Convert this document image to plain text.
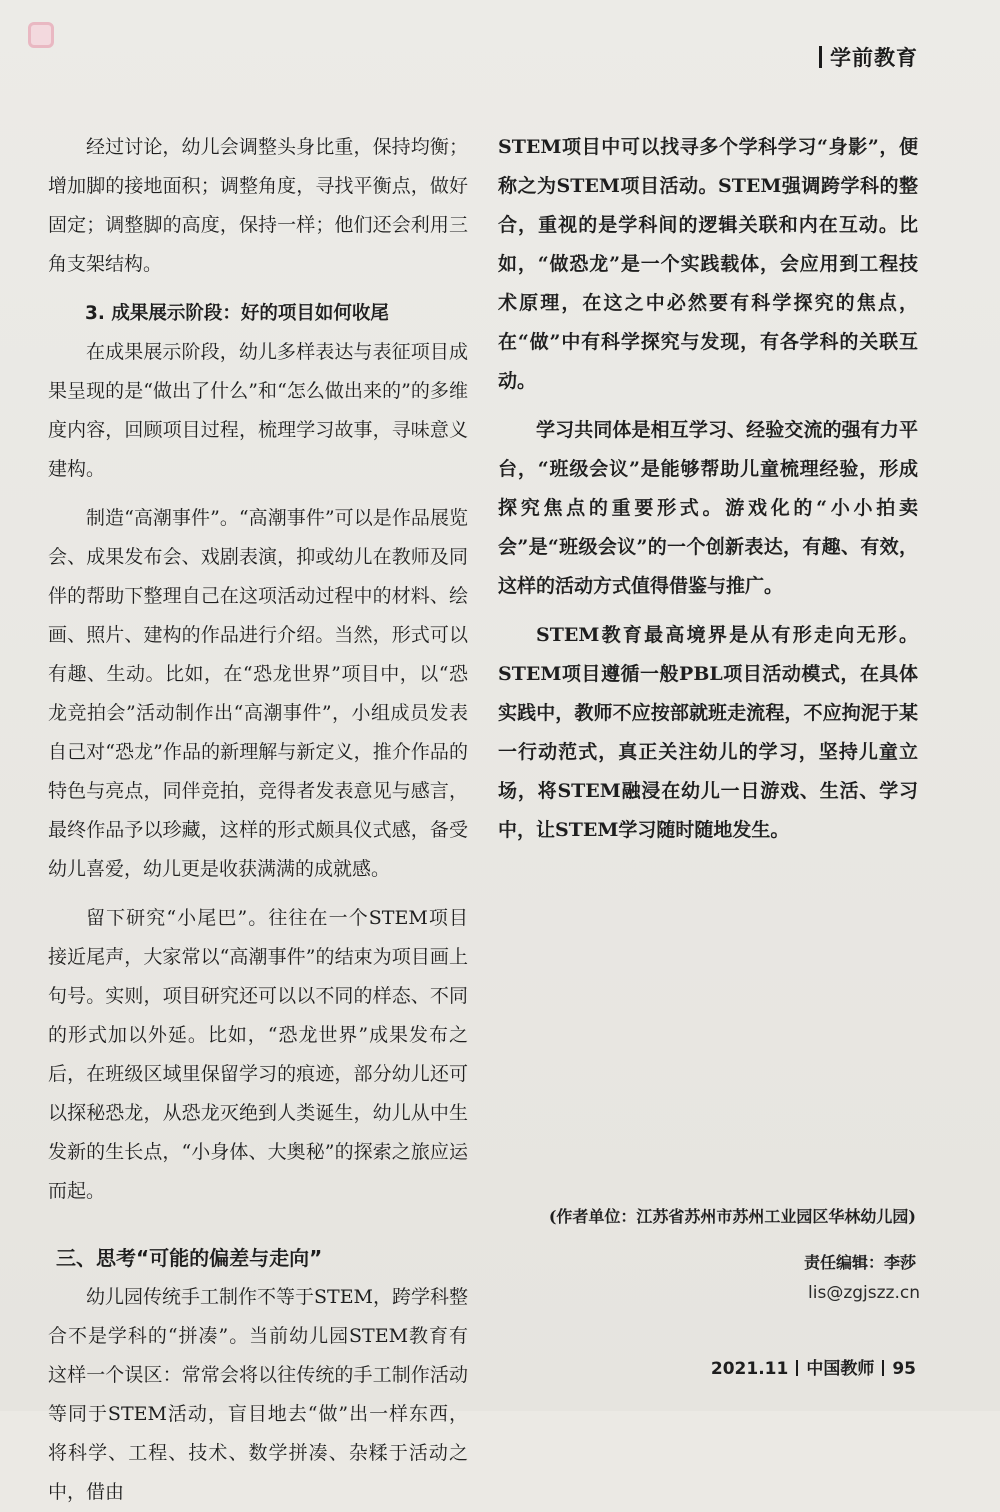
学前教育

经过讨论，幼儿会调整头身比重，保持均衡；增加脚的接地面积；调整角度，寻找平衡点，做好固定；调整脚的高度，保持一样；他们还会利用三角支架结构。

3. 成果展示阶段：好的项目如何收尾

在成果展示阶段，幼儿多样表达与表征项目成果呈现的是“做出了什么”和“怎么做出来的”的多维度内容，回顾项目过程，梳理学习故事，寻味意义建构。

制造“高潮事件”。“高潮事件”可以是作品展览会、成果发布会、戏剧表演，抑或幼儿在教师及同伴的帮助下整理自己在这项活动过程中的材料、绘画、照片、建构的作品进行介绍。当然，形式可以有趣、生动。比如，在“恐龙世界”项目中，以“恐龙竞拍会”活动制作出“高潮事件”，小组成员发表自己对“恐龙”作品的新理解与新定义，推介作品的特色与亮点，同伴竞拍，竞得者发表意见与感言，最终作品予以珍藏，这样的形式颇具仪式感，备受幼儿喜爱，幼儿更是收获满满的成就感。

留下研究“小尾巴”。往往在一个STEM项目接近尾声，大家常以“高潮事件”的结束为项目画上句号。实则，项目研究还可以以不同的样态、不同的形式加以外延。比如，“恐龙世界”成果发布之后，在班级区域里保留学习的痕迹，部分幼儿还可以探秘恐龙，从恐龙灭绝到人类诞生，幼儿从中生发新的生长点，“小身体、大奥秘”的探索之旅应运而起。

三、思考“可能的偏差与走向”

幼儿园传统手工制作不等于STEM，跨学科整合不是学科的“拼凑”。当前幼儿园STEM教育有这样一个误区：常常会将以往传统的手工制作活动等同于STEM活动，盲目地去“做”出一样东西，将科学、工程、技术、数学拼凑、杂糅于活动之中，借由

STEM项目中可以找寻多个学科学习“身影”，便称之为STEM项目活动。STEM强调跨学科的整合，重视的是学科间的逻辑关联和内在互动。比如，“做恐龙”是一个实践载体，会应用到工程技术原理，在这之中必然要有科学探究的焦点，在“做”中有科学探究与发现，有各学科的关联互动。

学习共同体是相互学习、经验交流的强有力平台，“班级会议”是能够帮助儿童梳理经验，形成探究焦点的重要形式。游戏化的“小小拍卖会”是“班级会议”的一个创新表达，有趣、有效，这样的活动方式值得借鉴与推广。

STEM教育最高境界是从有形走向无形。STEM项目遵循一般PBL项目活动模式，在具体实践中，教师不应按部就班走流程，不应拘泥于某一行动范式，真正关注幼儿的学习，坚持儿童立场，将STEM融浸在幼儿一日游戏、生活、学习中，让STEM学习随时随地发生。

(作者单位：江苏省苏州市苏州工业园区华林幼儿园)
责任编辑：李莎
lis@zgjszz.cn
2021.11 中国教师 95
